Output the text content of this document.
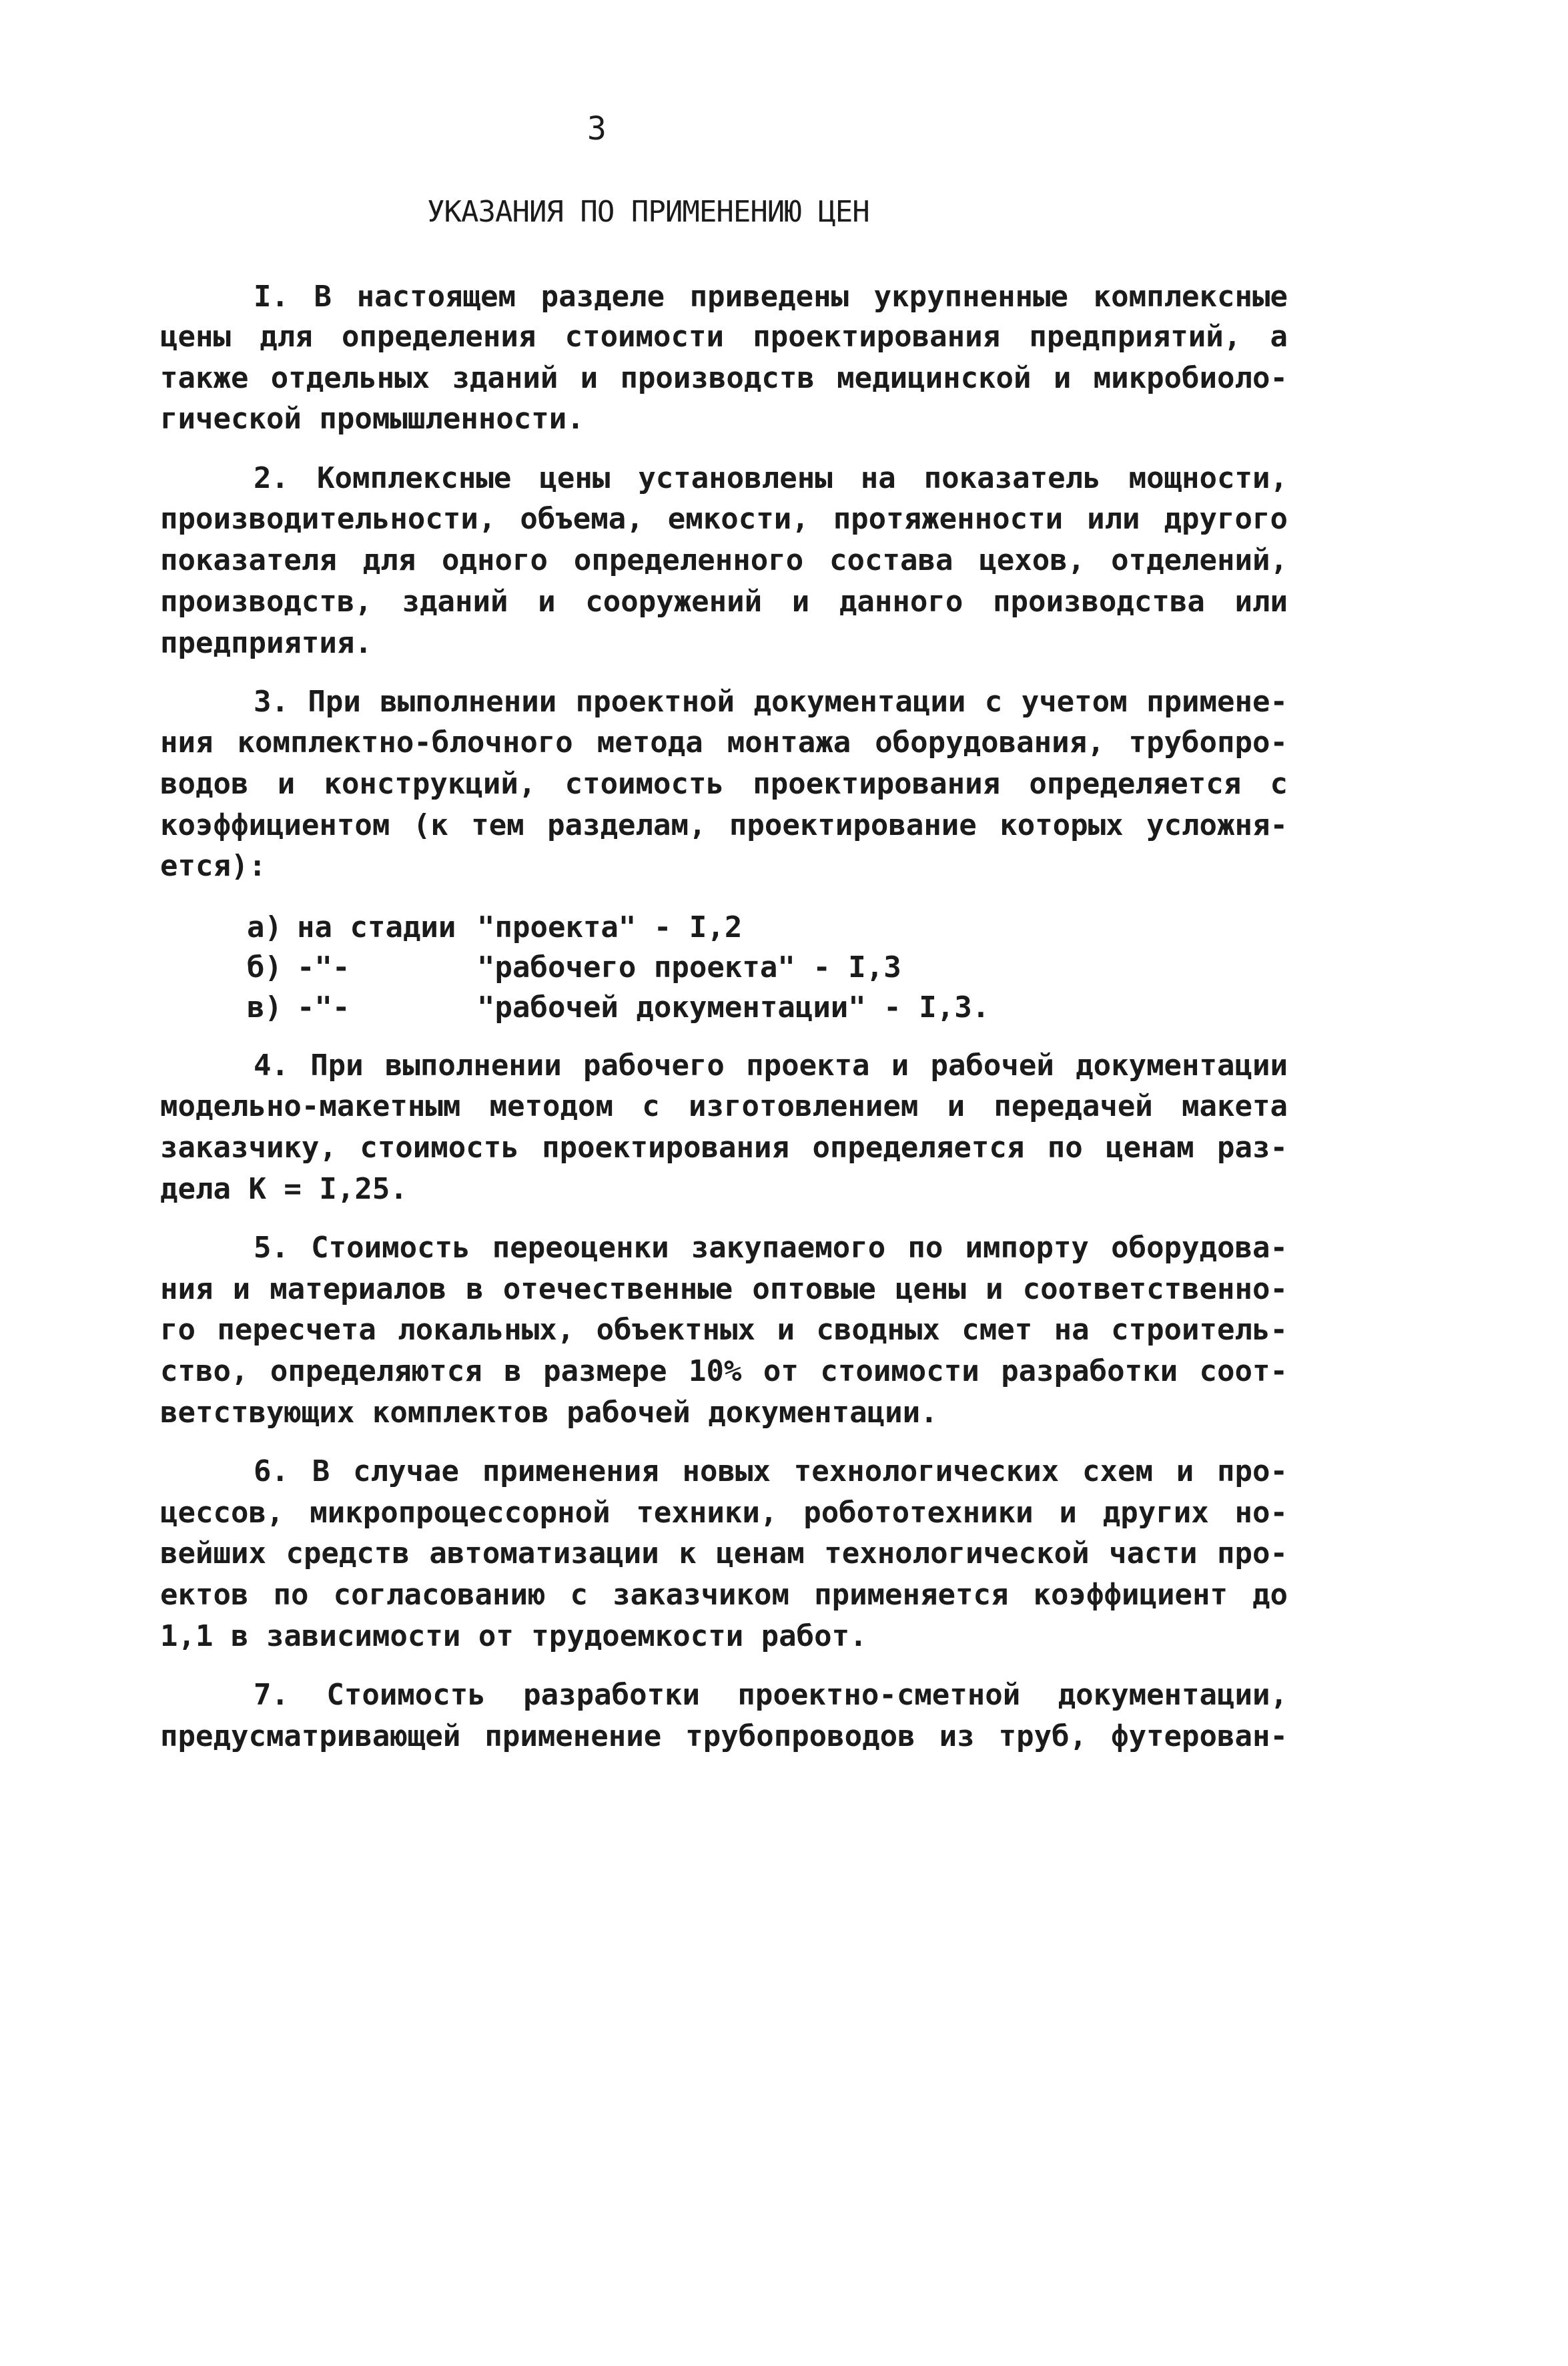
3
УКАЗАНИЯ ПО ПРИМЕНЕНИЮ ЦЕН
I. В настоящем разделе приведены укрупненные комплексные
цены для определения стоимости проектирования предприятий, а
также отдельных зданий и производств медицинской и микробиоло-
гической промышленности.
2. Комплексные цены установлены на показатель мощности,
производительности, объема, емкости, протяженности или другого
показателя для одного определенного состава цехов, отделений,
производств, зданий и сооружений и данного производства или
предприятия.
3. При выполнении проектной документации с учетом примене-
ния комплектно-блочного метода монтажа оборудования, трубопро-
водов и конструкций, стоимость проектирования определяется с
коэффициентом (к тем разделам, проектирование которых усложня-
ется):

а)

на стадии

"проекта" - I,2

б)

-"-

	"рабочего проекта" - I,3

в)

-"-

	"рабочей документации" - I,3.

4. При выполнении рабочего проекта и рабочей документации
модельно-макетным методом с изготовлением и передачей макета
заказчику, стоимость проектирования определяется по ценам раз-
дела К = I,25.
5. Стоимость переоценки закупаемого по импорту оборудова-
ния и материалов в отечественные оптовые цены и соответственно-
го пересчета локальных, объектных и сводных смет на строитель-
ство, определяются в размере 10% от стоимости разработки соот-
ветствующих комплектов рабочей документации.
6. В случае применения новых технологических схем и про-
цессов, микропроцессорной техники, робототехники и других но-
вейших средств автоматизации к ценам технологической части про-
ектов по согласованию с заказчиком применяется коэффициент до
1,1 в зависимости от трудоемкости работ.
7. Стоимость разработки проектно-сметной документации,
предусматривающей применение трубопроводов из труб, футерован-
